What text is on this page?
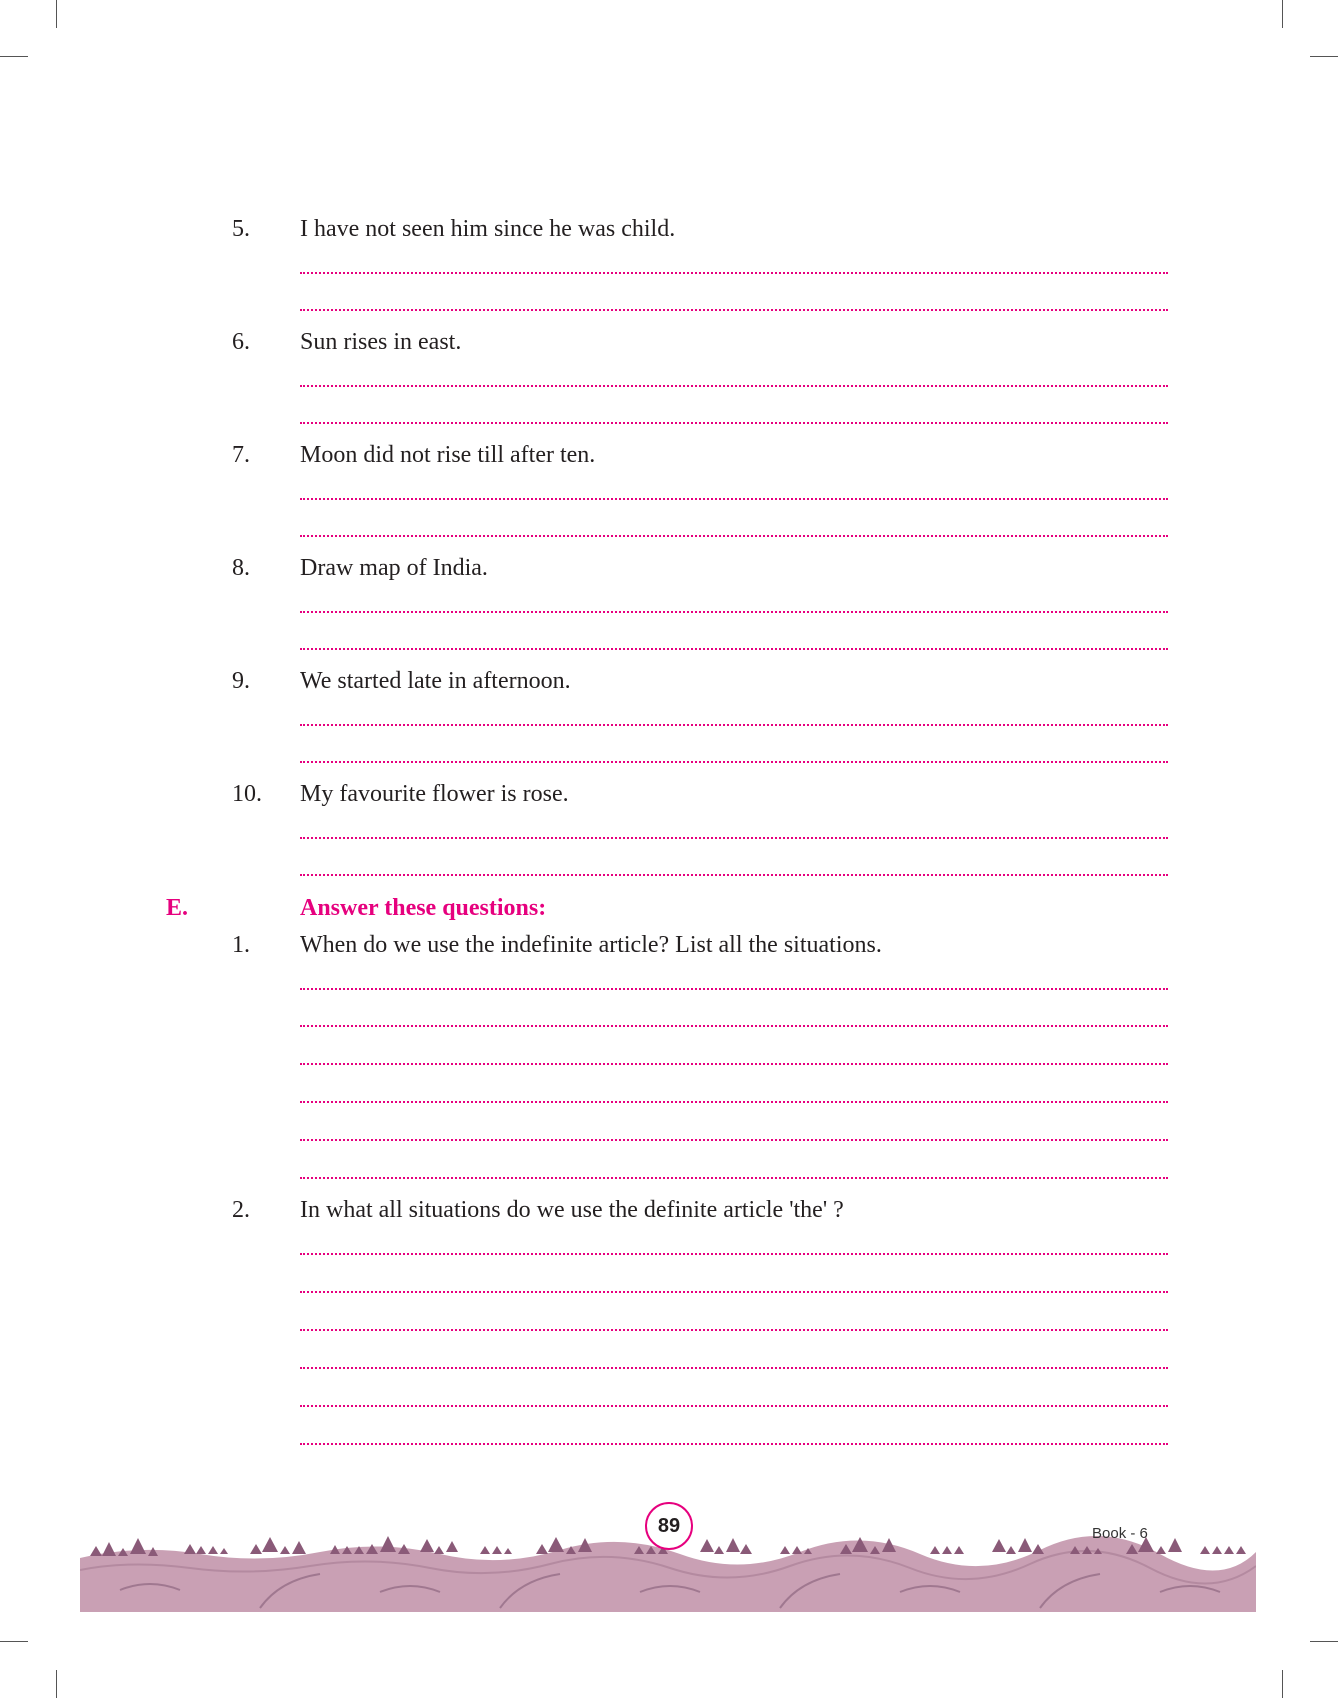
5. I have not seen him since he was child.
6. Sun rises in east.
7. Moon did not rise till after ten.
8. Draw map of India.
9. We started late in afternoon.
10. My favourite flower is rose.
E.	Answer these questions:
1. When do we use the indefinite article? List all the situations.
2. In what all situations do we use the definite article 'the' ?
89	Book - 6
